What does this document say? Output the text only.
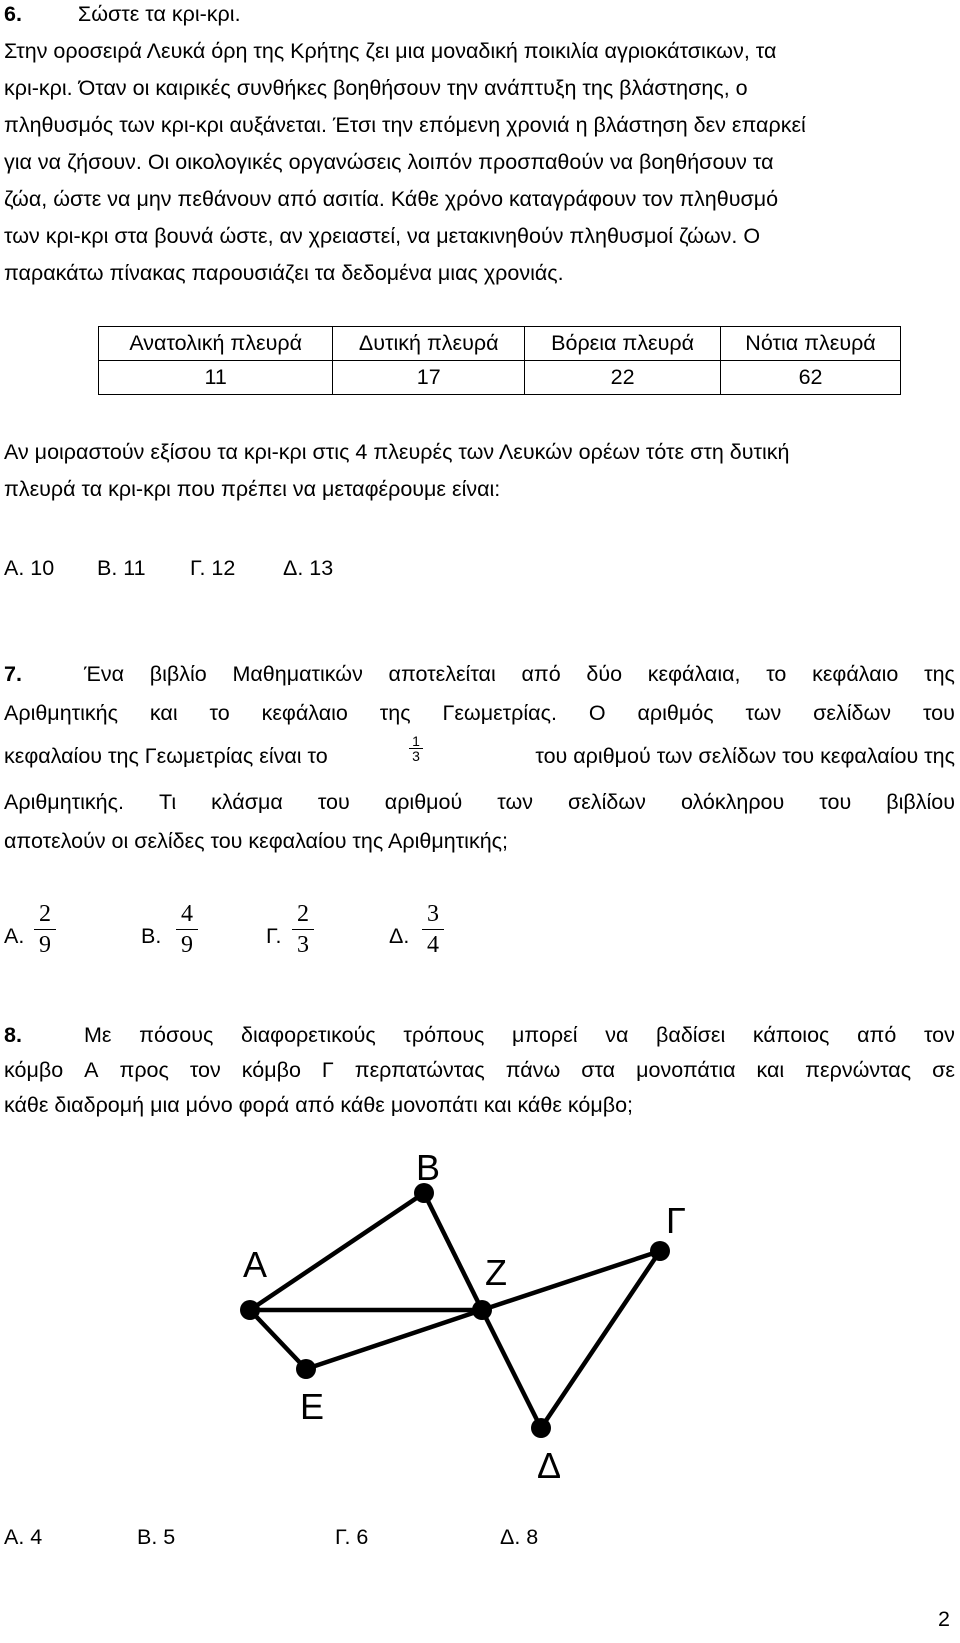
6.	Σώστε τα κρι-κρι.
Στην οροσειρά Λευκά όρη της Κρήτης ζει μια μοναδική ποικιλία αγριοκάτσικων, τα
κρι-κρι. Όταν οι καιρικές συνθήκες βοηθήσουν την ανάπτυξη της βλάστησης, ο
πληθυσμός των κρι-κρι αυξάνεται. Έτσι την επόμενη χρονιά η βλάστηση δεν επαρκεί
για να ζήσουν. Οι οικολογικές οργανώσεις λοιπόν προσπαθούν να βοηθήσουν τα
ζώα, ώστε να μην πεθάνουν από ασιτία. Κάθε χρόνο καταγράφουν τον πληθυσμό
των κρι-κρι στα βουνά ώστε, αν χρειαστεί, να μετακινηθούν πληθυσμοί ζώων. Ο
παρακάτω πίνακας παρουσιάζει τα δεδομένα μιας χρονιάς.
Ανατολική πλευρά	Δυτική πλευρά	Βόρεια πλευρά	Νότια πλευρά
11	17	22	62
Αν μοιραστούν εξίσου τα κρι-κρι στις 4 πλευρές των Λευκών ορέων τότε στη δυτική
πλευρά τα κρι-κρι που πρέπει να μεταφέρουμε είναι:
Α. 10 Β. 11 Γ. 12 Δ. 13
7.	Ένα βιβλίο Μαθηματικών αποτελείται από δύο κεφάλαια, το κεφάλαιο της
Αριθμητικής και το κεφάλαιο της Γεωμετρίας. Ο αριθμός των σελίδων του
κεφαλαίου της Γεωμετρίας είναι το
1
3	του αριθμού των σελίδων του κεφαλαίου της
Αριθμητικής. Τι κλάσμα του αριθμού των σελίδων ολόκληρου του βιβλίου
αποτελούν οι σελίδες του κεφαλαίου της Αριθμητικής;
Α.
2
9	Β.
4
9	Γ.
2
3	Δ.
3
4
8.	Με πόσους διαφορετικούς τρόπους μπορεί να βαδίσει κάποιος από τον
κόμβο Α προς τον κόμβο Γ περπατώντας πάνω στα μονοπάτια και περνώντας σε
κάθε διαδρομή μια μόνο φορά από κάθε μονοπάτι και κάθε κόμβο;
Α
Β
Γ
Ζ
Ε
Δ
Α. 4	Β. 5	Γ. 6	Δ. 8
2
